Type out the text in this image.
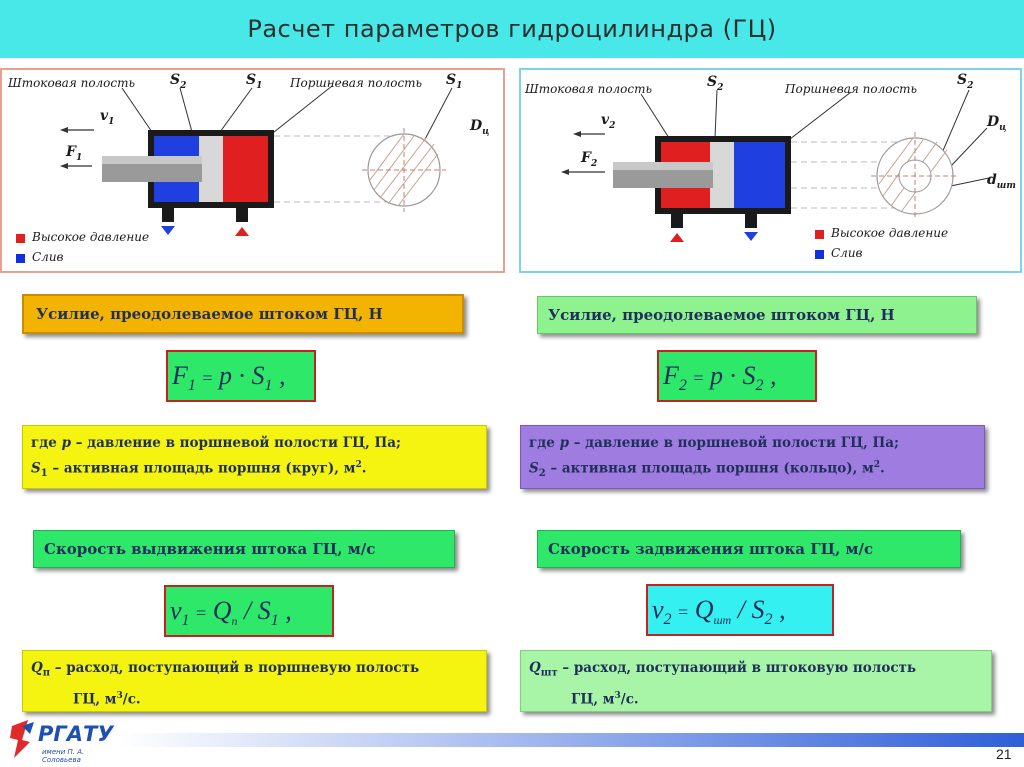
Расчет параметров гидроцилиндра (ГЦ)
Штоковая полость $S_2$	$S_1$ Поршневая полость $S_1$
$v_1$
$F_1$
$D_ц$
Высокое давление
Слив
Штоковая полость	$S_2$	Поршневая полость
$S_2$
$v_2$
$F_2$
$D_ц$
$d_{шт}$
Высокое давление
Слив
Усилие, преодолеваемое штоком ГЦ, Н
$F_1 = p \cdot S_1$ ,
где p – давление в поршневой полости ГЦ, Па;
$S_1$ – активная площадь поршня (круг), $м^2$.
Скорость выдвижения штока ГЦ, м/с
$v_1 = Q_п / S_1$ ,
$Q_п$ – расход, поступающий в поршневую полость
ГЦ, $м^3/с$.
Усилие, преодолеваемое штоком ГЦ, Н
$F_2 = p \cdot S_2$ ,
где p – давление в поршневой полости ГЦ, Па;
$S_2$ – активная площадь поршня (кольцо), $м^2$.
Скорость задвижения штока ГЦ, м/с
$v_2 = Q_{шт} / S_2$ ,
$Q_{шт}$ – расход, поступающий в штоковую полость
ГЦ, $м^3/с$.
РГАТУ
имени П. А. Соловьева	21
